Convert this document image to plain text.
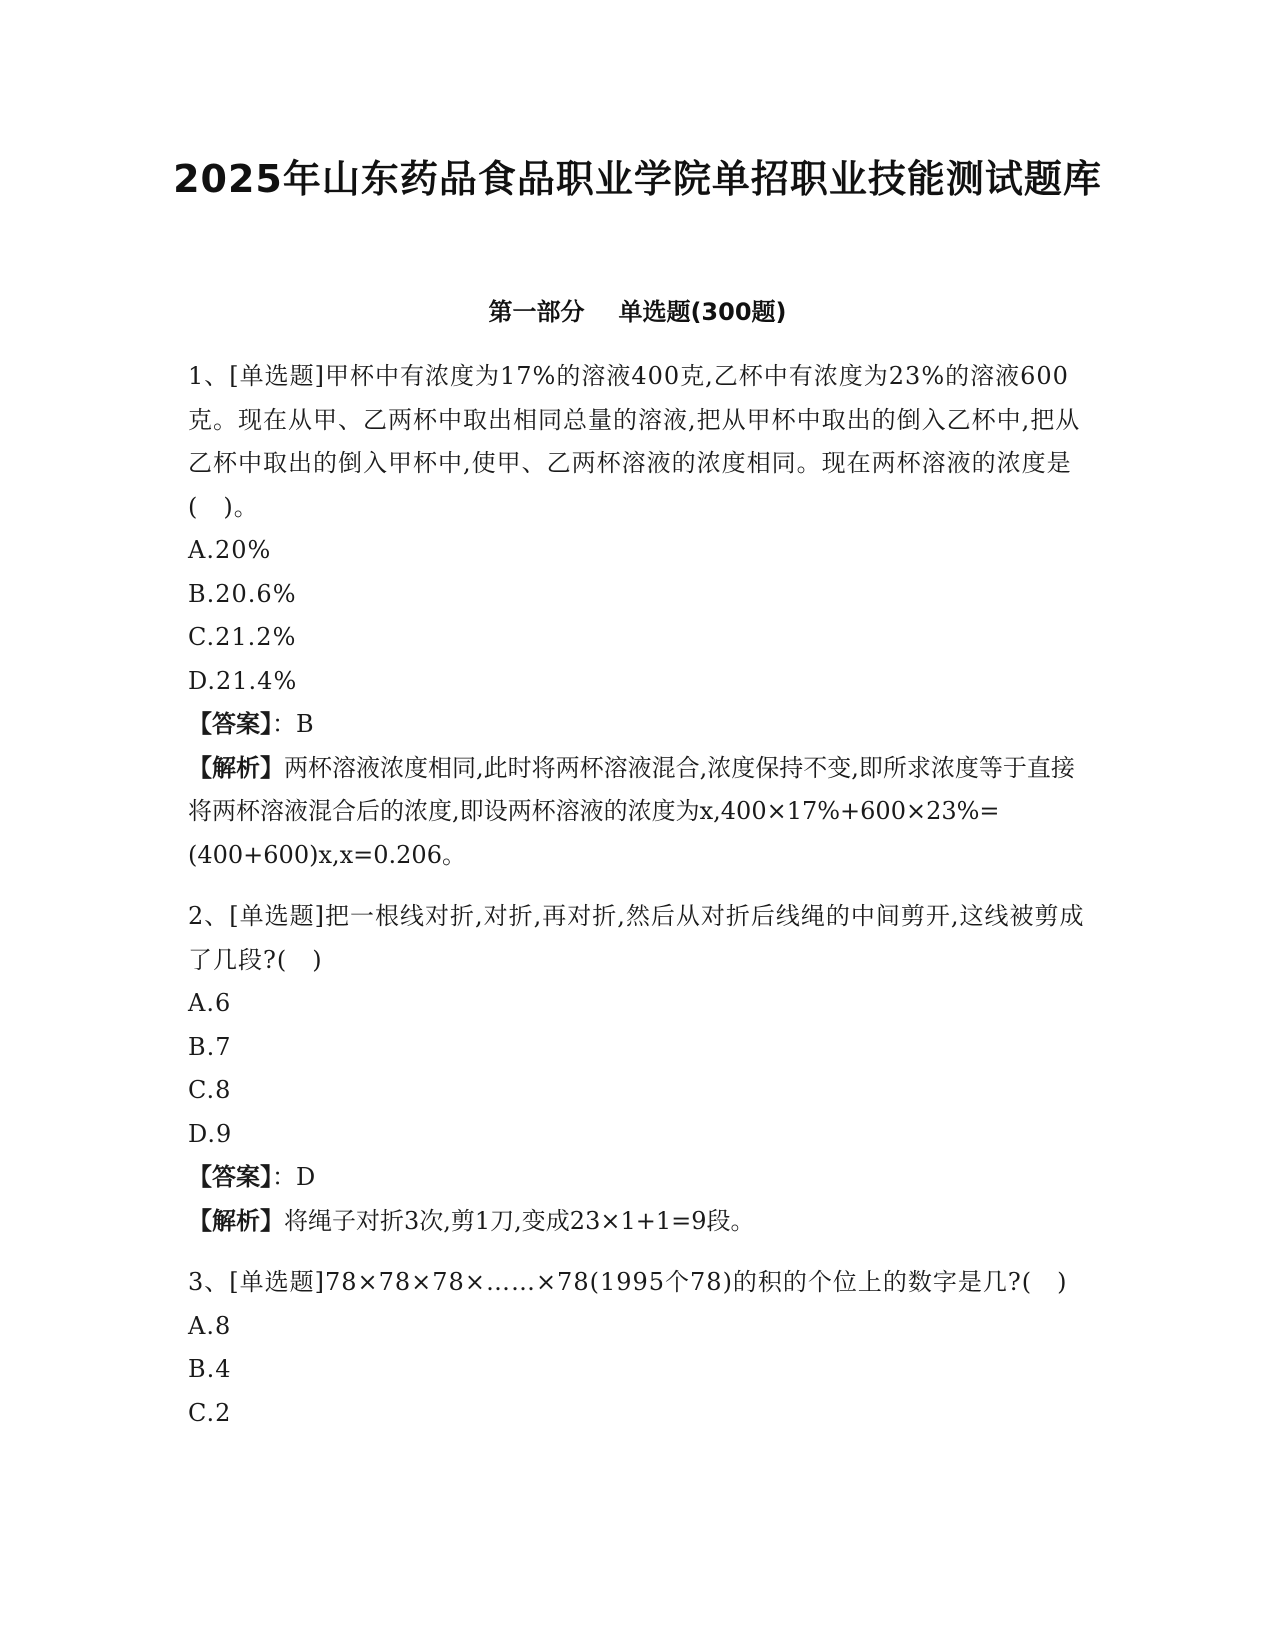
2025年山东药品食品职业学院单招职业技能测试题库
第一部分 单选题(300题)

1、[单选题]甲杯中有浓度为17%的溶液400克,乙杯中有浓度为23%的溶液600克。现在从甲、乙两杯中取出相同总量的溶液,把从甲杯中取出的倒入乙杯中,把从乙杯中取出的倒入甲杯中,使甲、乙两杯溶液的浓度相同。现在两杯溶液的浓度是(　)。

A.20%

B.20.6%

C.21.2%

D.21.4%

【答案】：B

【解析】两杯溶液浓度相同,此时将两杯溶液混合,浓度保持不变,即所求浓度等于直接将两杯溶液混合后的浓度,即设两杯溶液的浓度为x,400×17%+600×23%=(400+600)x,x=0.206。

2、[单选题]把一根线对折,对折,再对折,然后从对折后线绳的中间剪开,这线被剪成了几段?(　)

A.6

B.7

C.8

D.9

【答案】：D

【解析】将绳子对折3次,剪1刀,变成23×1+1=9段。

3、[单选题]78×78×78×……×78(1995个78)的积的个位上的数字是几?(　)

A.8

B.4

C.2
